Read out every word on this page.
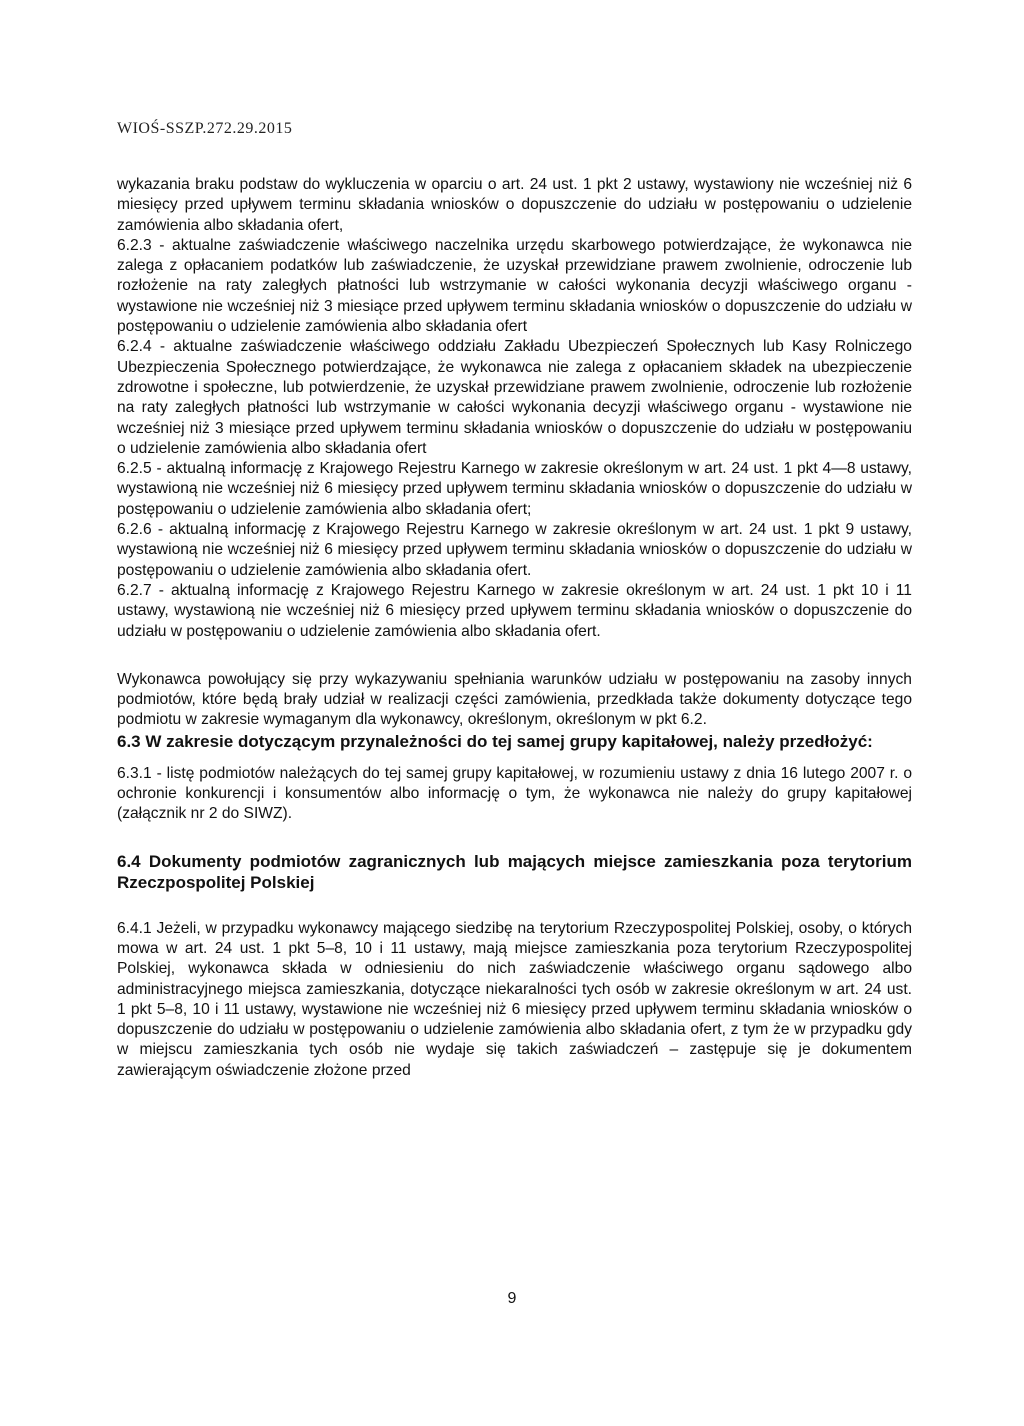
WIOŚ-SSZP.272.29.2015

wykazania braku podstaw do wykluczenia w oparciu o art. 24 ust. 1 pkt 2 ustawy, wystawiony nie wcześniej niż 6 miesięcy przed upływem terminu składania wniosków o dopuszczenie do udziału w postępowaniu o udzielenie zamówienia albo składania ofert,

6.2.3 - aktualne zaświadczenie właściwego naczelnika urzędu skarbowego potwierdzające, że wykonawca nie zalega z opłacaniem podatków lub zaświadczenie, że uzyskał przewidziane prawem zwolnienie, odroczenie lub rozłożenie na raty zaległych płatności lub wstrzymanie w całości wykonania decyzji właściwego organu - wystawione nie wcześniej niż 3 miesiące przed upływem terminu składania wniosków o dopuszczenie do udziału w postępowaniu o udzielenie zamówienia albo składania ofert

6.2.4 - aktualne zaświadczenie właściwego oddziału Zakładu Ubezpieczeń Społecznych lub Kasy Rolniczego Ubezpieczenia Społecznego potwierdzające, że wykonawca nie zalega z opłacaniem składek na ubezpieczenie zdrowotne i społeczne, lub potwierdzenie, że uzyskał przewidziane prawem zwolnienie, odroczenie lub rozłożenie na raty zaległych płatności lub wstrzymanie w całości wykonania decyzji właściwego organu - wystawione nie wcześniej niż 3 miesiące przed upływem terminu składania wniosków o dopuszczenie do udziału w postępowaniu o udzielenie zamówienia albo składania ofert

6.2.5 - aktualną informację z Krajowego Rejestru Karnego w zakresie określonym w art. 24 ust. 1 pkt 4—8 ustawy, wystawioną nie wcześniej niż 6 miesięcy przed upływem terminu składania wniosków o dopuszczenie do udziału w postępowaniu o udzielenie zamówienia albo składania ofert;

6.2.6 - aktualną informację z Krajowego Rejestru Karnego w zakresie określonym w art. 24 ust. 1 pkt 9 ustawy, wystawioną nie wcześniej niż 6 miesięcy przed upływem terminu składania wniosków o dopuszczenie do udziału w postępowaniu o udzielenie zamówienia albo składania ofert.

6.2.7 - aktualną informację z Krajowego Rejestru Karnego w zakresie określonym w art. 24 ust. 1 pkt 10 i 11 ustawy, wystawioną nie wcześniej niż 6 miesięcy przed upływem terminu składania wniosków o dopuszczenie do udziału w postępowaniu o udzielenie zamówienia albo składania ofert.

Wykonawca powołujący się przy wykazywaniu spełniania warunków udziału w postępowaniu na zasoby innych podmiotów, które będą brały udział w realizacji części zamówienia, przedkłada także dokumenty dotyczące tego podmiotu w zakresie wymaganym dla wykonawcy, określonym, określonym w pkt 6.2.

6.3 W zakresie dotyczącym przynależności do tej samej grupy kapitałowej, należy przedłożyć:

6.3.1 - listę podmiotów należących do tej samej grupy kapitałowej, w rozumieniu ustawy z dnia 16 lutego 2007 r. o ochronie konkurencji i konsumentów albo informację o tym, że wykonawca nie należy do grupy kapitałowej (załącznik nr 2 do SIWZ).

6.4 Dokumenty podmiotów zagranicznych lub mających miejsce zamieszkania poza terytorium Rzeczpospolitej Polskiej

6.4.1 Jeżeli, w przypadku wykonawcy mającego siedzibę na terytorium Rzeczypospolitej Polskiej, osoby, o których mowa w art. 24 ust. 1 pkt 5–8, 10 i 11 ustawy, mają miejsce zamieszkania poza terytorium Rzeczypospolitej Polskiej, wykonawca składa w odniesieniu do nich zaświadczenie właściwego organu sądowego albo administracyjnego miejsca zamieszkania, dotyczące niekaralności tych osób w zakresie określonym w art. 24 ust. 1 pkt 5–8, 10 i 11 ustawy, wystawione nie wcześniej niż 6 miesięcy przed upływem terminu składania wniosków o dopuszczenie do udziału w postępowaniu o udzielenie zamówienia albo składania ofert, z tym że w przypadku gdy w miejscu zamieszkania tych osób nie wydaje się takich zaświadczeń – zastępuje się je dokumentem zawierającym oświadczenie złożone przed

9
